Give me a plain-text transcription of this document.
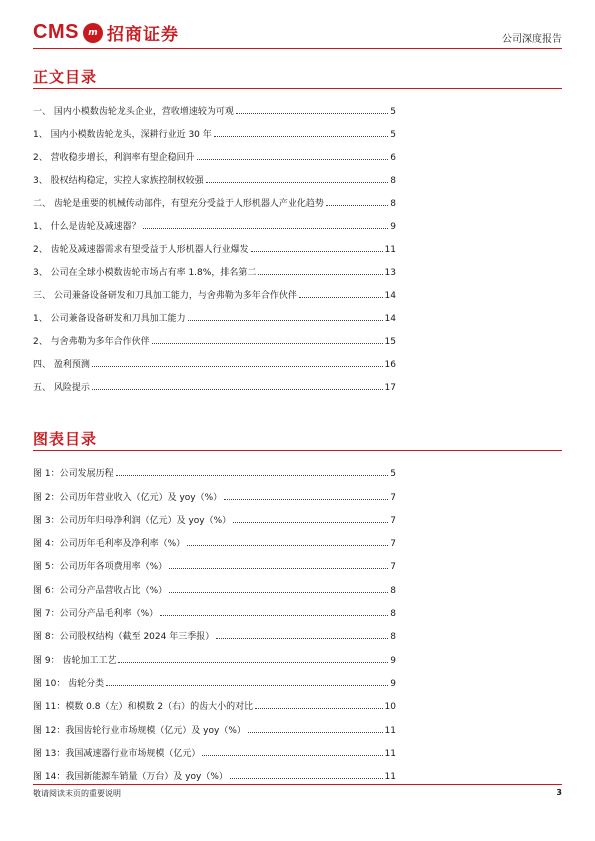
CMS	m 招商证券	公司深度报告
正文目录
一、 国内小模数齿轮龙头企业，营收增速较为可观	5
1、 国内小模数齿轮龙头，深耕行业近 30 年	5
2、 营收稳步增长，利润率有望企稳回升	6
3、 股权结构稳定，实控人家族控制权较强	8
二、 齿轮是重要的机械传动部件，有望充分受益于人形机器人产业化趋势	8
1、 什么是齿轮及减速器？	9
2、 齿轮及减速器需求有望受益于人形机器人行业爆发	11
3、 公司在全球小模数齿轮市场占有率 1.8%，排名第二	13
三、 公司兼备设备研发和刀具加工能力，与舍弗勒为多年合作伙伴	14
1、 公司兼备设备研发和刀具加工能力	14
2、 与舍弗勒为多年合作伙伴	15
四、 盈利预测	16
五、 风险提示	17
图表目录
图 1：公司发展历程	5
图 2：公司历年营业收入（亿元）及 yoy（%）	7
图 3：公司历年归母净利润（亿元）及 yoy（%）	7
图 4：公司历年毛利率及净利率（%）	7
图 5：公司历年各项费用率（%）	7
图 6：公司分产品营收占比（%）	8
图 7：公司分产品毛利率（%）	8
图 8：公司股权结构（截至 2024 年三季报）	8
图 9： 齿轮加工工艺	9
图 10： 齿轮分类	9
图 11：模数 0.8（左）和模数 2（右）的齿大小的对比	10
图 12：我国齿轮行业市场规模（亿元）及 yoy（%）	11
图 13：我国减速器行业市场规模（亿元）	11
图 14：我国新能源车销量（万台）及 yoy（%）	11
敬请阅读末页的重要说明	3
